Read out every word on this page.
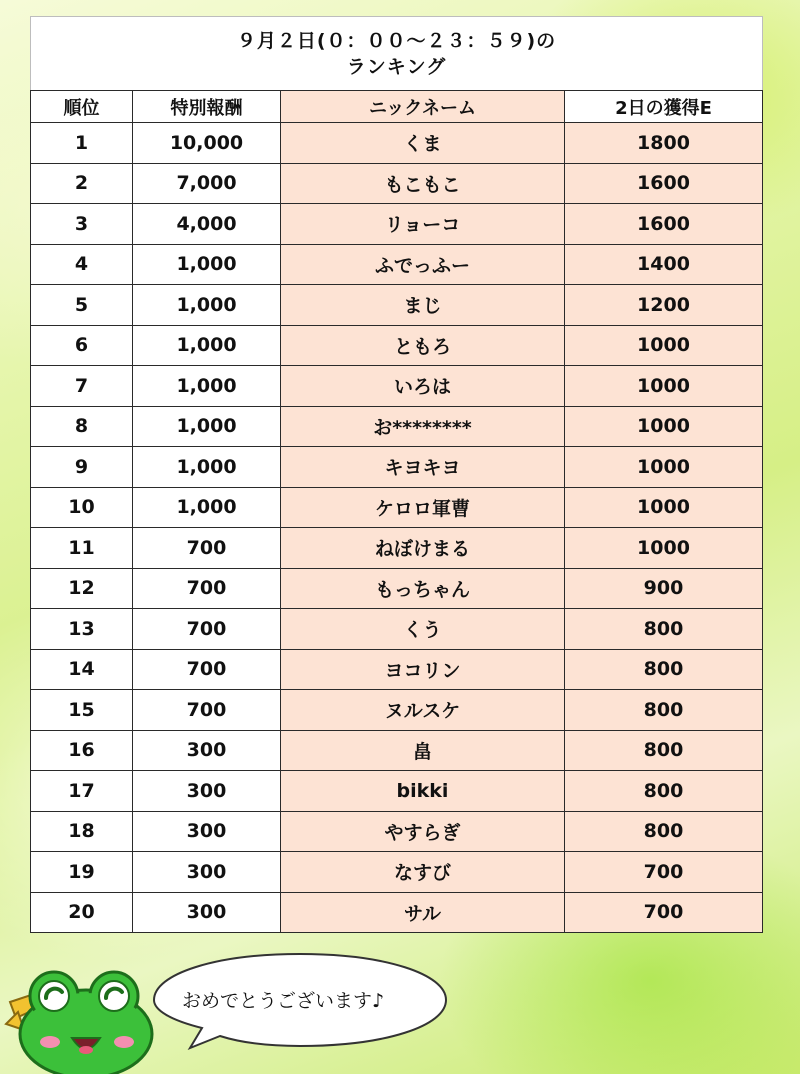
９月２日(０：００～２３：５９)の
ランキング			

順位	特別報酬	ニックネーム	2日の獲得E
1	10,000	くま	1800
2	7,000	もこもこ	1600
3	4,000	リョーコ	1600
4	1,000	ふでっふー	1400
5	1,000	まじ	1200
6	1,000	ともろ	1000
7	1,000	いろは	1000
8	1,000	お********	1000
9	1,000	キヨキヨ	1000
10	1,000	ケロロ軍曹	1000
11	700	ねぼけまる	1000
12	700	もっちゃん	900
13	700	くう	800
14	700	ヨコリン	800
15	700	ヌルスケ	800
16	300	畠	800
17	300	bikki	800
18	300	やすらぎ	800
19	300	なすび	700
20	300	サル	700
おめでとうございます♪
